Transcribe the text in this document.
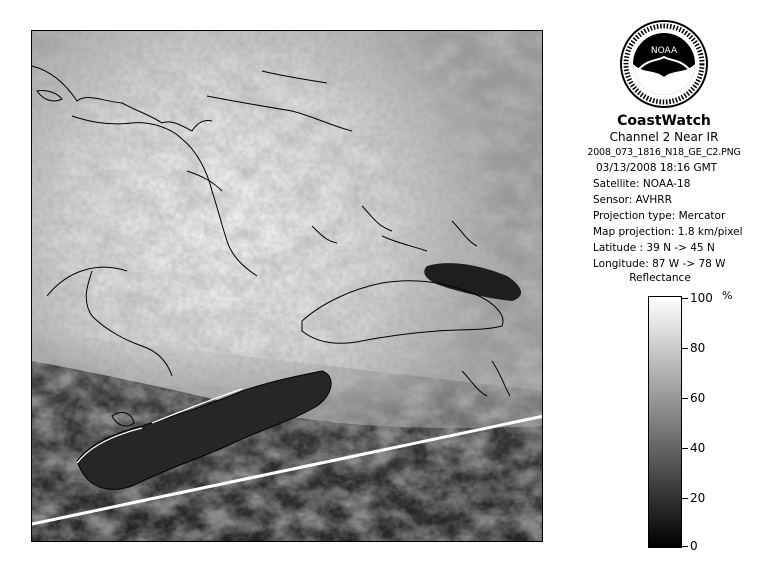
NOAA
CoastWatch
Channel 2 Near IR
2008_073_1816_N18_GE_C2.PNG
03/13/2008 18:16 GMT
Satellite: NOAA-18
Sensor: AVHRR
Projection type: Mercator
Map projection: 1.8 km/pixel
Latitude : 39 N -> 45 N
Longitude: 87 W -> 78 W
Reflectance
%
100
80
60
40
20
0
